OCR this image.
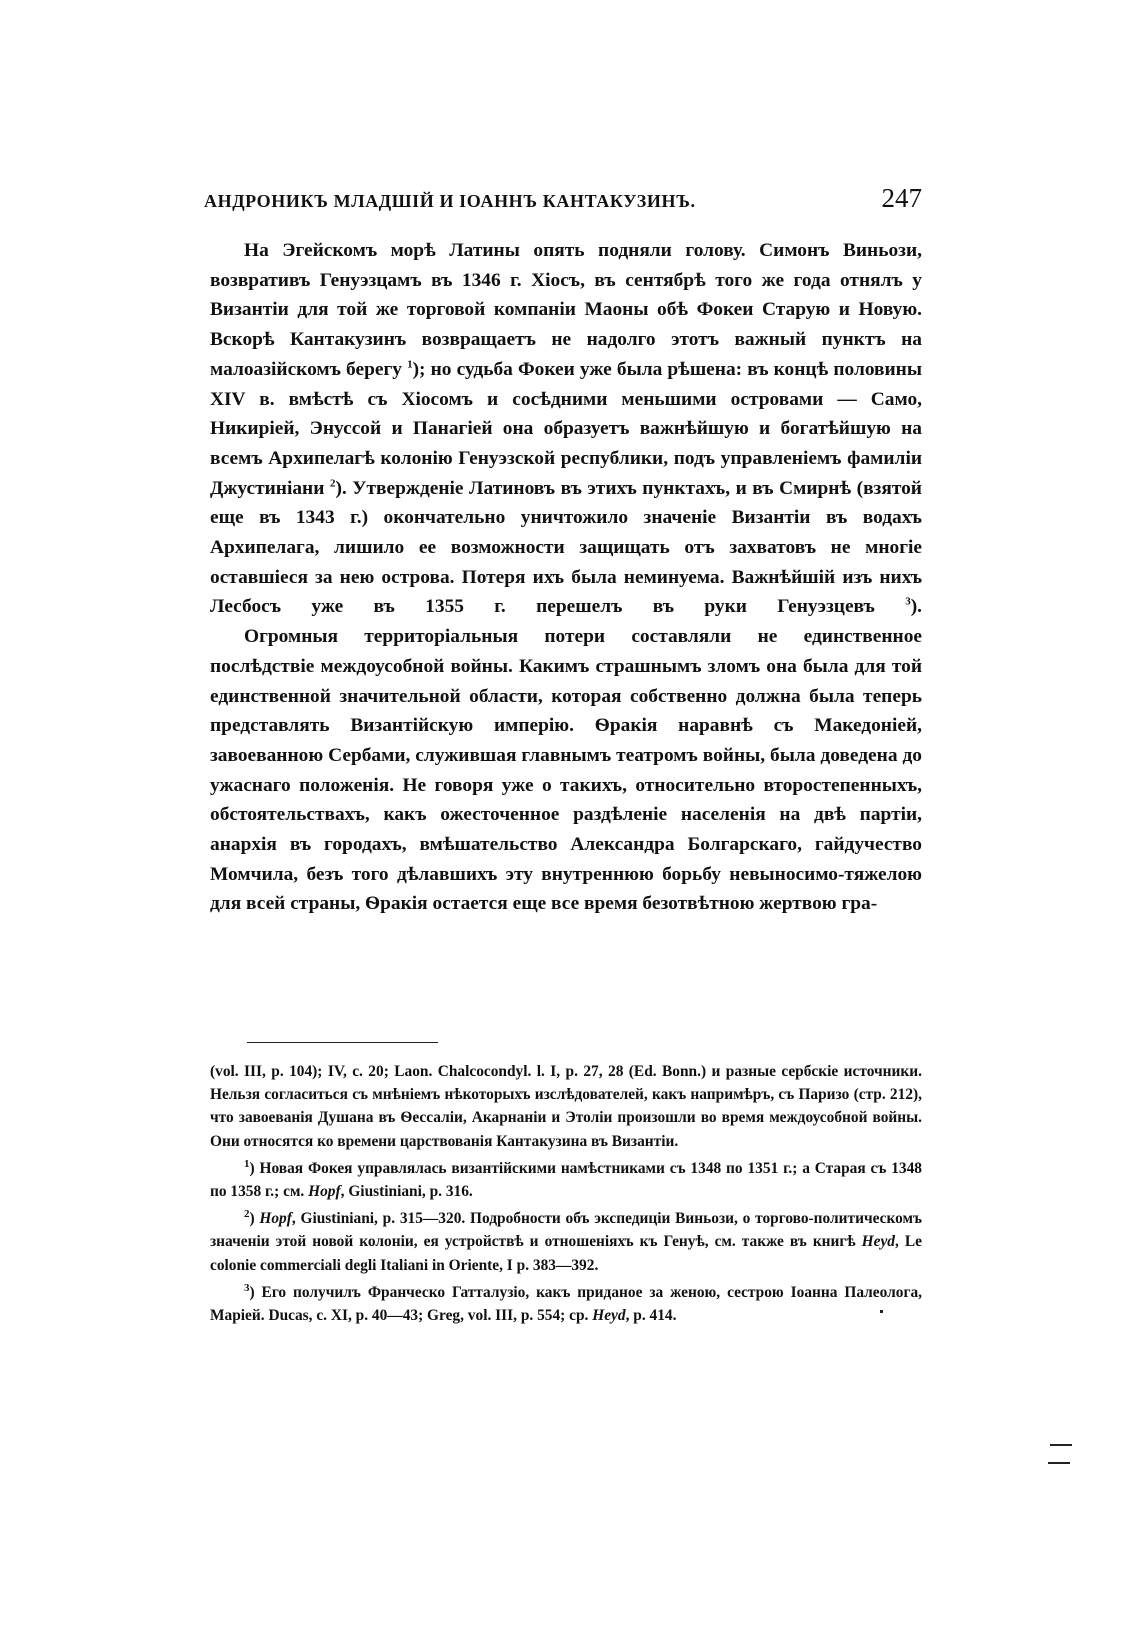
АНДРОНИКЪ МЛАДШІЙ И ІОАННЪ КАНТАКУЗИНЪ.	247

На Эгейскомъ морѣ Латины опять подняли голову. Симонъ Виньози, возвративъ Генуэзцамъ въ 1346 г. Хіосъ, въ сентябрѣ того же года отнялъ у Византіи для той же торговой компаніи Маоны обѣ Фокеи Старую и Новую. Вскорѣ Кантакузинъ возвращаетъ не надолго этотъ важный пунктъ на малоазійскомъ берегу $^1$); но судьба Фокеи уже была рѣшена: въ концѣ половины XIV в. вмѣстѣ съ Хіосомъ и сосѣдними меньшими островами — Само, Никиріей, Энуссой и Панагіей она образуетъ важнѣйшую и богатѣйшую на всемъ Архипелагѣ колонію Генуэзской республики, подъ управленіемъ фамиліи Джустиніани $^2$). Утвержденіе Латиновъ въ этихъ пунктахъ, и въ Смирнѣ (взятой еще въ 1343 г.) окончательно уничтожило значеніе Византіи въ водахъ Архипелага, лишило ее возможности защищать отъ захватовъ не многіе оставшіеся за нею острова. Потеря ихъ была неминуема. Важнѣйшій изъ нихъ Лесбосъ уже въ 1355 г. перешелъ въ руки Генуэзцевъ $^3$).

Огромныя территоріальныя потери составляли не единственное послѣдствіе междоусобной войны. Какимъ страшнымъ зломъ она была для той единственной значительной области, которая собственно должна была теперь представлять Византійскую имперію. Ѳракія наравнѣ съ Македоніей, завоеванною Сербами, служившая главнымъ театромъ войны, была доведена до ужаснаго положенія. Не говоря уже о такихъ, относительно второстепенныхъ, обстоятельствахъ, какъ ожесточенное раздѣленіе населенія на двѣ партіи, анархія въ городахъ, вмѣшательство Александра Болгарскаго, гайдучество Момчила, безъ того дѣлавшихъ эту внутреннюю борьбу невыносимо-тяжелою для всей страны, Ѳракія остается еще все время безотвѣтною жертвою гра-

(vol. III, p. 104); IV, c. 20; Laon. Chalcocondyl. l. I, p. 27, 28 (Ed. Bonn.) и разные сербскіе источники. Нельзя согласиться съ мнѣніемъ нѣкоторыхъ изслѣдователей, какъ напримѣръ, съ Паризо (стр. 212), что завоеванія Душана въ Ѳессаліи, Акарнаніи и Этоліи произошли во время междоусобной войны. Они относятся ко времени царствованія Кантакузина въ Византіи.

$^1$) Новая Фокея управлялась византійскими намѣстниками съ 1348 по 1351 г.; а Старая съ 1348 по 1358 г.; см. Hopf, Giustiniani, p. 316.

$^2$) Hopf, Giustiniani, p. 315—320. Подробности объ экспедиціи Виньози, о торгово-политическомъ значеніи этой новой колоніи, ея устройствѣ и отношеніяхъ къ Генуѣ, см. также въ книгѣ Heyd, Le colonie commerciali degli Italiani in Oriente, I p. 383—392.

$^3$) Его получилъ Франческо Гатталузіо, какъ приданое за женою, сестрою Іоанна Палеолога, Маріей. Ducas, c. XI, p. 40—43; Greg, vol. III, p. 554; cp. Heyd, p. 414.
